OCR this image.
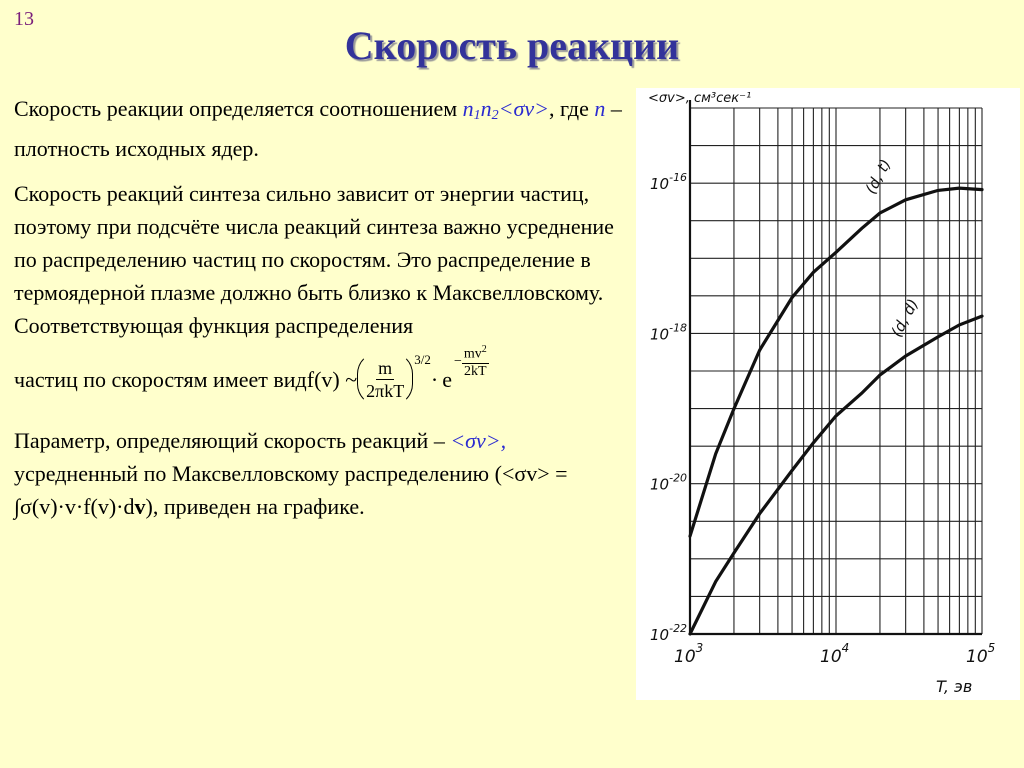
13
Скорость реакции

Скорость реакции определяется соотношением $n_1n_2<\sigma v>$, где n – плотность исходных ядер.

Скорость реакций синтеза сильно зависит от энергии частиц, поэтому при подсчёте числа реакций синтеза важно усреднение по распределению частиц по скоростям. Это распределение в термоядерной плазме должно быть близко к Максвелловскому. Соответствующая функция распределения

частиц по скоростям имеет вид f(v) ~ $\frac{m}{\text{2πkT}} 3/2$
· e
− $\frac{mv^2}{2kT}$

Параметр, определяющий скорость реакций – <σv>, усредненный по Максвелловскому распределению (<σv> = ∫σ(v)·v·f(v)·dv), приведен на графике.

(d, t)
(d, d)
$10^{-22}$
$10^{-20}$
$10^{-18}$
$10^{-16}$
$10^3$	$10^4$	$10^5$
<σv>, см³сек⁻¹
T, эв
